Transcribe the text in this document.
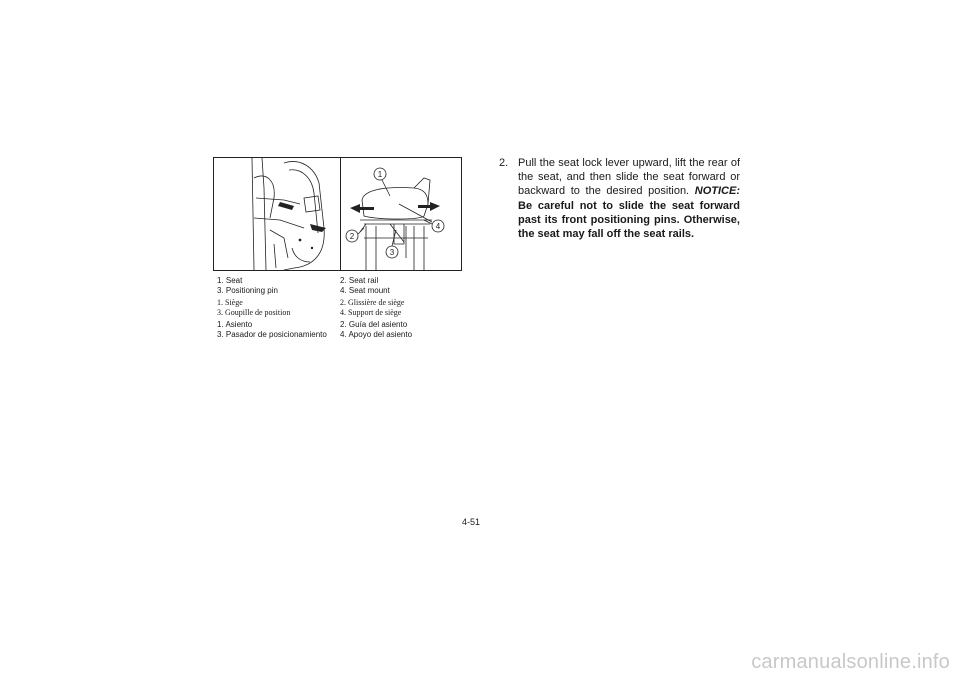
1
2
3
4
1. Seat	2. Seat rail
3. Positioning pin	4. Seat mount
1. Siège	2. Glissière de siège
3. Goupille de position	4. Support de siège
1. Asiento	2. Guía del asiento
3. Pasador de posicionamiento	4. Apoyo del asiento
2. Pull the seat lock lever upward, lift the rear of the seat, and then slide the seat forward or backward to the desired position. NOTICE: Be careful not to slide the seat forward past its front positioning pins. Otherwise, the seat may fall off the seat rails.
4-51
carmanualsonline.info
